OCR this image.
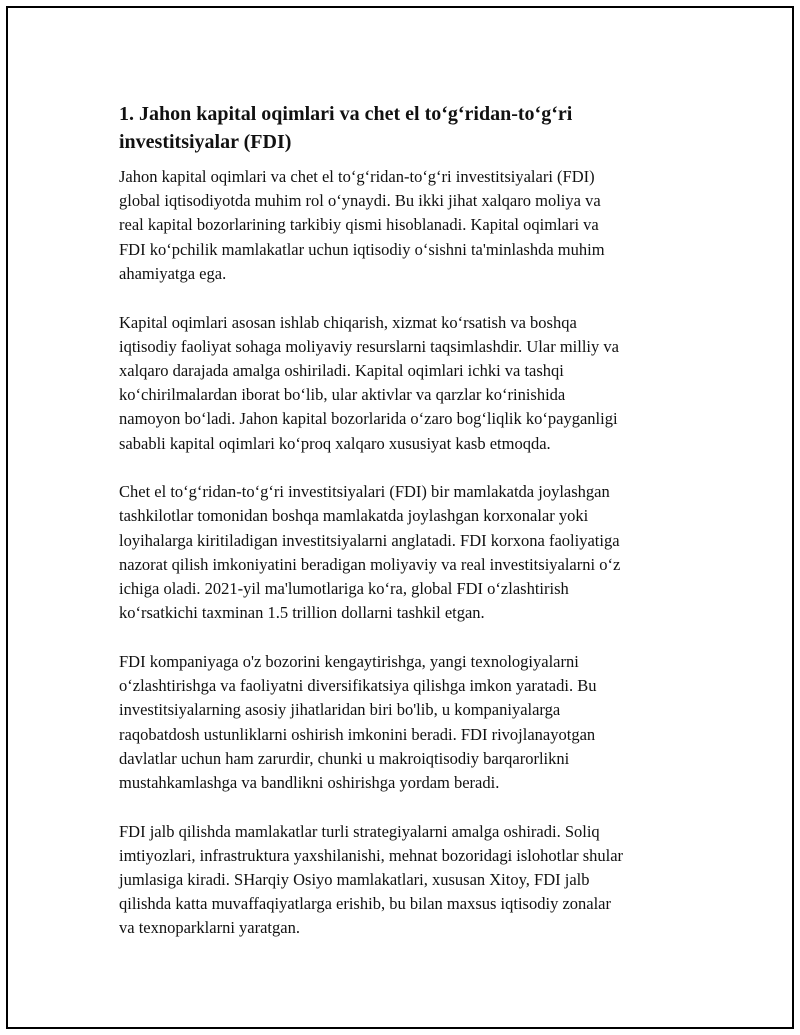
1. Jahon kapital oqimlari va chet el to‘g‘ridan-to‘g‘ri
investitsiyalar (FDI)

Jahon kapital oqimlari va chet el to‘g‘ridan-to‘g‘ri investitsiyalari (FDI)
global iqtisodiyotda muhim rol o‘ynaydi. Bu ikki jihat xalqaro moliya va
real kapital bozorlarining tarkibiy qismi hisoblanadi. Kapital oqimlari va
FDI ko‘pchilik mamlakatlar uchun iqtisodiy o‘sishni ta'minlashda muhim
ahamiyatga ega.

Kapital oqimlari asosan ishlab chiqarish, xizmat ko‘rsatish va boshqa
iqtisodiy faoliyat sohaga moliyaviy resurslarni taqsimlashdir. Ular milliy va
xalqaro darajada amalga oshiriladi. Kapital oqimlari ichki va tashqi
ko‘chirilmalardan iborat bo‘lib, ular aktivlar va qarzlar ko‘rinishida
namoyon bo‘ladi. Jahon kapital bozorlarida o‘zaro bog‘liqlik ko‘payganligi
sababli kapital oqimlari ko‘proq xalqaro xususiyat kasb etmoqda.

Chet el to‘g‘ridan-to‘g‘ri investitsiyalari (FDI) bir mamlakatda joylashgan
tashkilotlar tomonidan boshqa mamlakatda joylashgan korxonalar yoki
loyihalarga kiritiladigan investitsiyalarni anglatadi. FDI korxona faoliyatiga
nazorat qilish imkoniyatini beradigan moliyaviy va real investitsiyalarni o‘z
ichiga oladi. 2021-yil ma'lumotlariga ko‘ra, global FDI o‘zlashtirish
ko‘rsatkichi taxminan 1.5 trillion dollarni tashkil etgan.

FDI kompaniyaga o'z bozorini kengaytirishga, yangi texnologiyalarni
o‘zlashtirishga va faoliyatni diversifikatsiya qilishga imkon yaratadi. Bu
investitsiyalarning asosiy jihatlaridan biri bo'lib, u kompaniyalarga
raqobatdosh ustunliklarni oshirish imkonini beradi. FDI rivojlanayotgan
davlatlar uchun ham zarurdir, chunki u makroiqtisodiy barqarorlikni
mustahkamlashga va bandlikni oshirishga yordam beradi.

FDI jalb qilishda mamlakatlar turli strategiyalarni amalga oshiradi. Soliq
imtiyozlari, infrastruktura yaxshilanishi, mehnat bozoridagi islohotlar shular
jumlasiga kiradi. SHarqiy Osiyo mamlakatlari, xususan Xitoy, FDI jalb
qilishda katta muvaffaqiyatlarga erishib, bu bilan maxsus iqtisodiy zonalar
va texnoparklarni yaratgan.
